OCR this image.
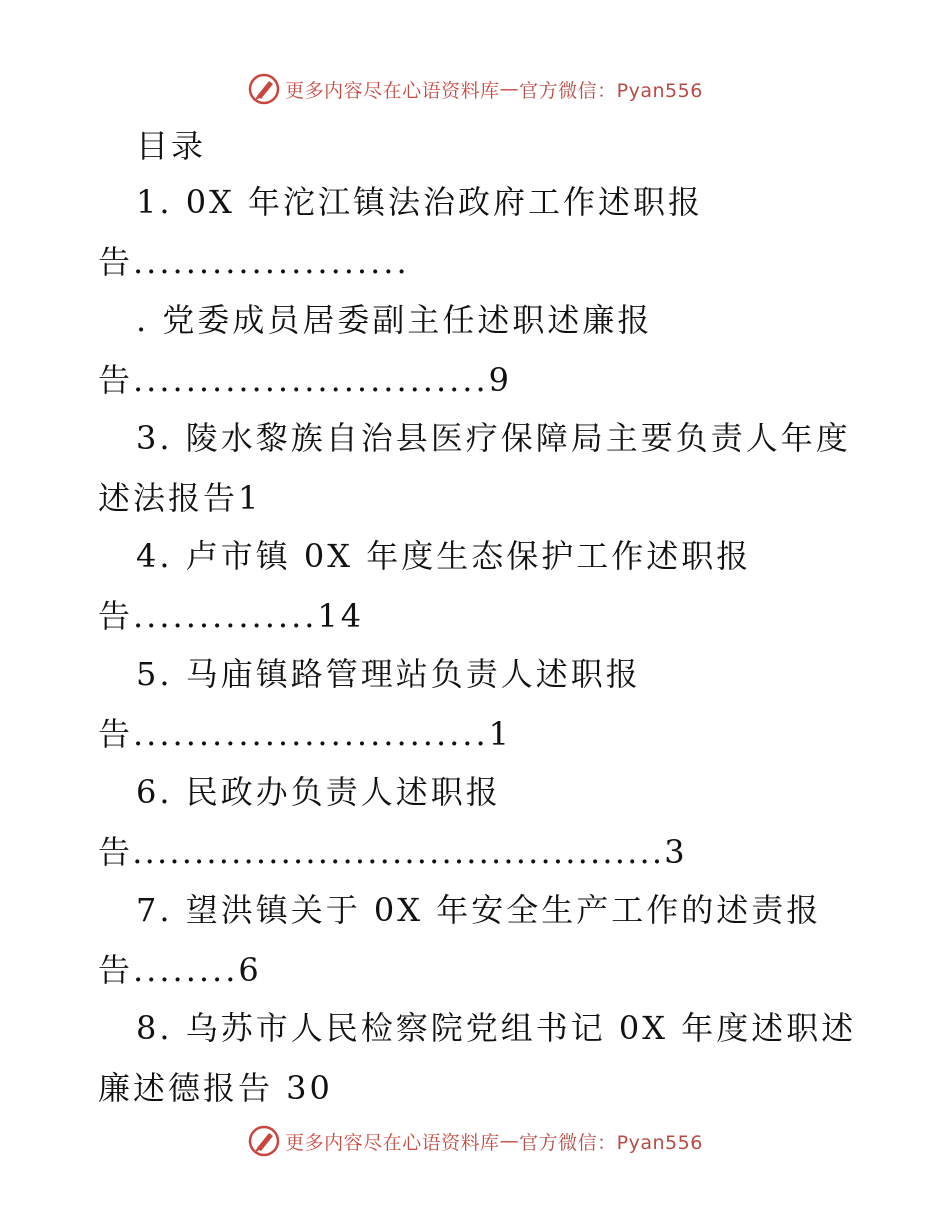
更多内容尽在心语资料库 — 官方微信：Pyan556
目录
1. 0X 年沱江镇法治政府工作述职报
告.....................
. 党委成员居委副主任述职述廉报
告...........................9
3. 陵水黎族自治县医疗保障局主要负责人年度
述法报告1
4. 卢市镇 0X 年度生态保护工作述职报
告..............14
5. 马庙镇路管理站负责人述职报
告...........................1
6. 民政办负责人述职报
告...........................................3
7. 望洪镇关于 0X 年安全生产工作的述责报
告........6
8. 乌苏市人民检察院党组书记 0X 年度述职述
廉述德报告 30
更多内容尽在心语资料库 — 官方微信：Pyan556
